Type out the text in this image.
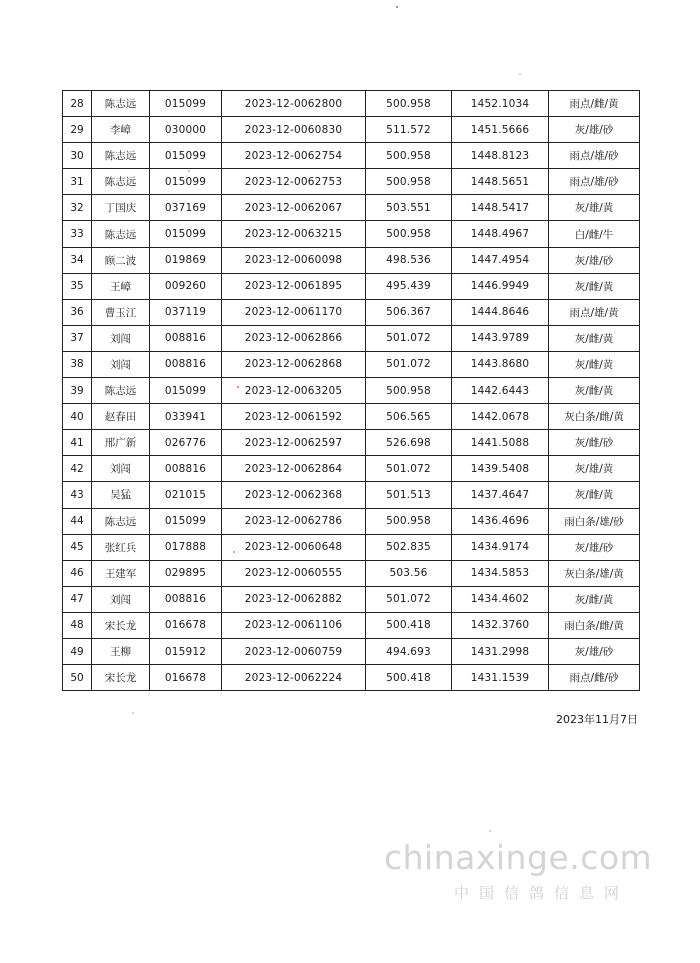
28	陈志远	015099	2023-12-0062800	500.958	1452.1034	雨点/雌/黄
29	李嶂	030000	2023-12-0060830	511.572	1451.5666	灰/雄/砂
30	陈志远	015099	2023-12-0062754	500.958	1448.8123	雨点/雄/砂
31	陈志远	015099	2023-12-0062753	500.958	1448.5651	雨点/雄/砂
32	丁国庆	037169	2023-12-0062067	503.551	1448.5417	灰/雄/黄
33	陈志远	015099	2023-12-0063215	500.958	1448.4967	白/雌/牛
34	顾二波	019869	2023-12-0060098	498.536	1447.4954	灰/雄/砂
35	王嶂	009260	2023-12-0061895	495.439	1446.9949	灰/雌/黄
36	曹玉江	037119	2023-12-0061170	506.367	1444.8646	雨点/雄/黄
37	刘闯	008816	2023-12-0062866	501.072	1443.9789	灰/雌/黄
38	刘闯	008816	2023-12-0062868	501.072	1443.8680	灰/雌/黄
39	陈志远	015099	2023-12-0063205	500.958	1442.6443	灰/雌/黄
40	赵春田	033941	2023-12-0061592	506.565	1442.0678	灰白条/雌/黄
41	邢广新	026776	2023-12-0062597	526.698	1441.5088	灰/雌/砂
42	刘闯	008816	2023-12-0062864	501.072	1439.5408	灰/雄/黄
43	吴猛	021015	2023-12-0062368	501.513	1437.4647	灰/雌/黄
44	陈志远	015099	2023-12-0062786	500.958	1436.4696	雨白条/雄/砂
45	张红兵	017888	2023-12-0060648	502.835	1434.9174	灰/雄/砂
46	王建军	029895	2023-12-0060555	503.56	1434.5853	灰白条/雄/黄
47	刘闯	008816	2023-12-0062882	501.072	1434.4602	灰/雌/黄
48	宋长龙	016678	2023-12-0061106	500.418	1432.3760	雨白条/雌/黄
49	王柳	015912	2023-12-0060759	494.693	1431.2998	灰/雄/砂
50	宋长龙	016678	2023-12-0062224	500.418	1431.1539	雨点/雌/砂
2023年11月7日
chinaxinge.com
中国信鸽信息网
